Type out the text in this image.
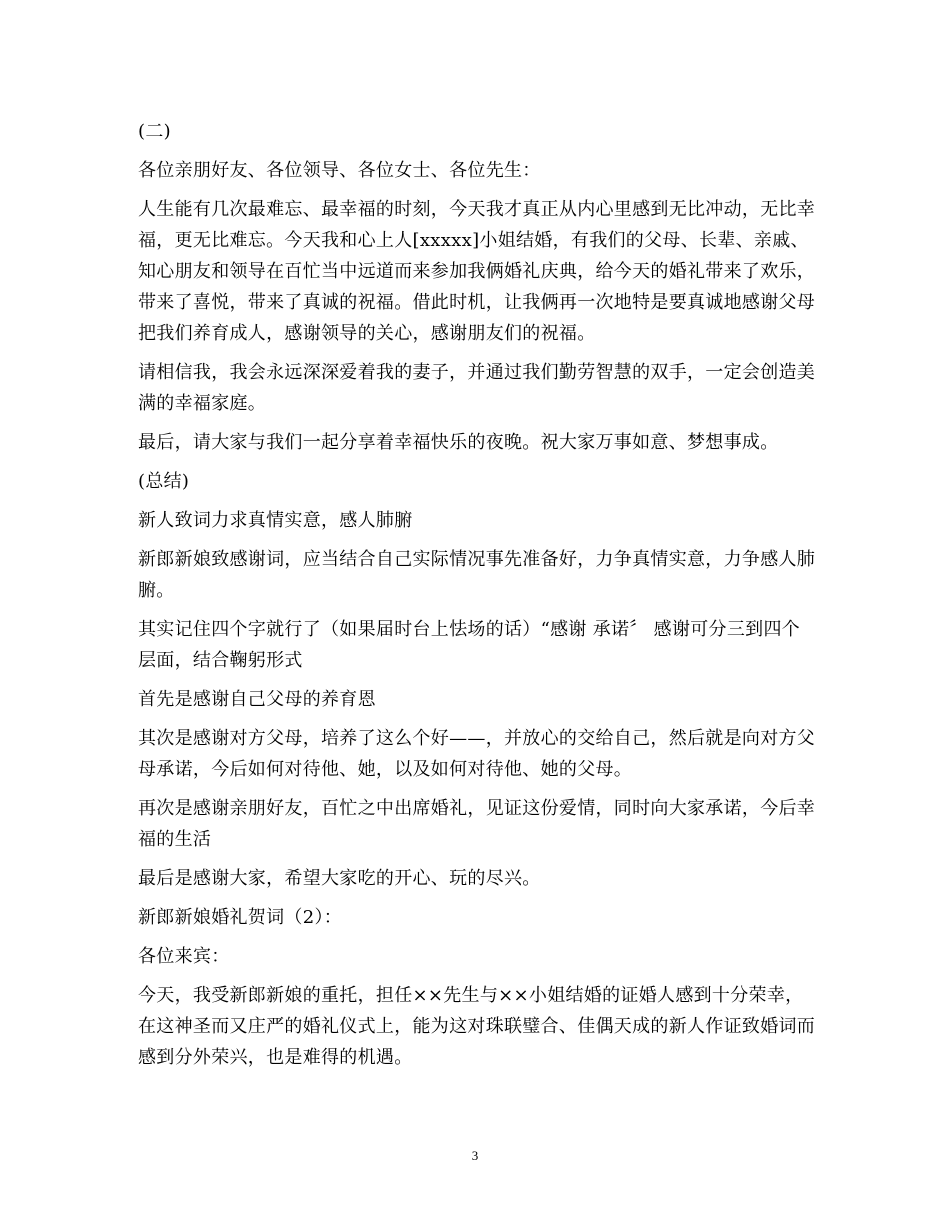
(二)

各位亲朋好友、各位领导、各位女士、各位先生：

人生能有几次最难忘、最幸福的时刻，今天我才真正从内心里感到无比冲动，无比幸福，更无比难忘。今天我和心上人[xxxxx]小姐结婚，有我们的父母、长辈、亲戚、知心朋友和领导在百忙当中远道而来参加我俩婚礼庆典，给今天的婚礼带来了欢乐，带来了喜悦，带来了真诚的祝福。借此时机，让我俩再一次地特是要真诚地感谢父母把我们养育成人，感谢领导的关心，感谢朋友们的祝福。

请相信我，我会永远深深爱着我的妻子，并通过我们勤劳智慧的双手，一定会创造美满的幸福家庭。

最后，请大家与我们一起分享着幸福快乐的夜晚。祝大家万事如意、梦想事成。

(总结)

新人致词力求真情实意，感人肺腑

新郎新娘致感谢词，应当结合自己实际情况事先准备好，力争真情实意，力争感人肺腑。

其实记住四个字就行了（如果届时台上怯场的话）“感谢 承诺〞 感谢可分三到四个层面，结合鞠躬形式

首先是感谢自己父母的养育恩

其次是感谢对方父母，培养了这么个好——，并放心的交给自己，然后就是向对方父母承诺，今后如何对待他、她，以及如何对待他、她的父母。

再次是感谢亲朋好友，百忙之中出席婚礼，见证这份爱情，同时向大家承诺，今后幸福的生活

最后是感谢大家，希望大家吃的开心、玩的尽兴。

新郎新娘婚礼贺词（2）：

各位来宾：

今天，我受新郎新娘的重托，担任××先生与××小姐结婚的证婚人感到十分荣幸，在这神圣而又庄严的婚礼仪式上，能为这对珠联璧合、佳偶天成的新人作证致婚词而感到分外荣兴，也是难得的机遇。

3
